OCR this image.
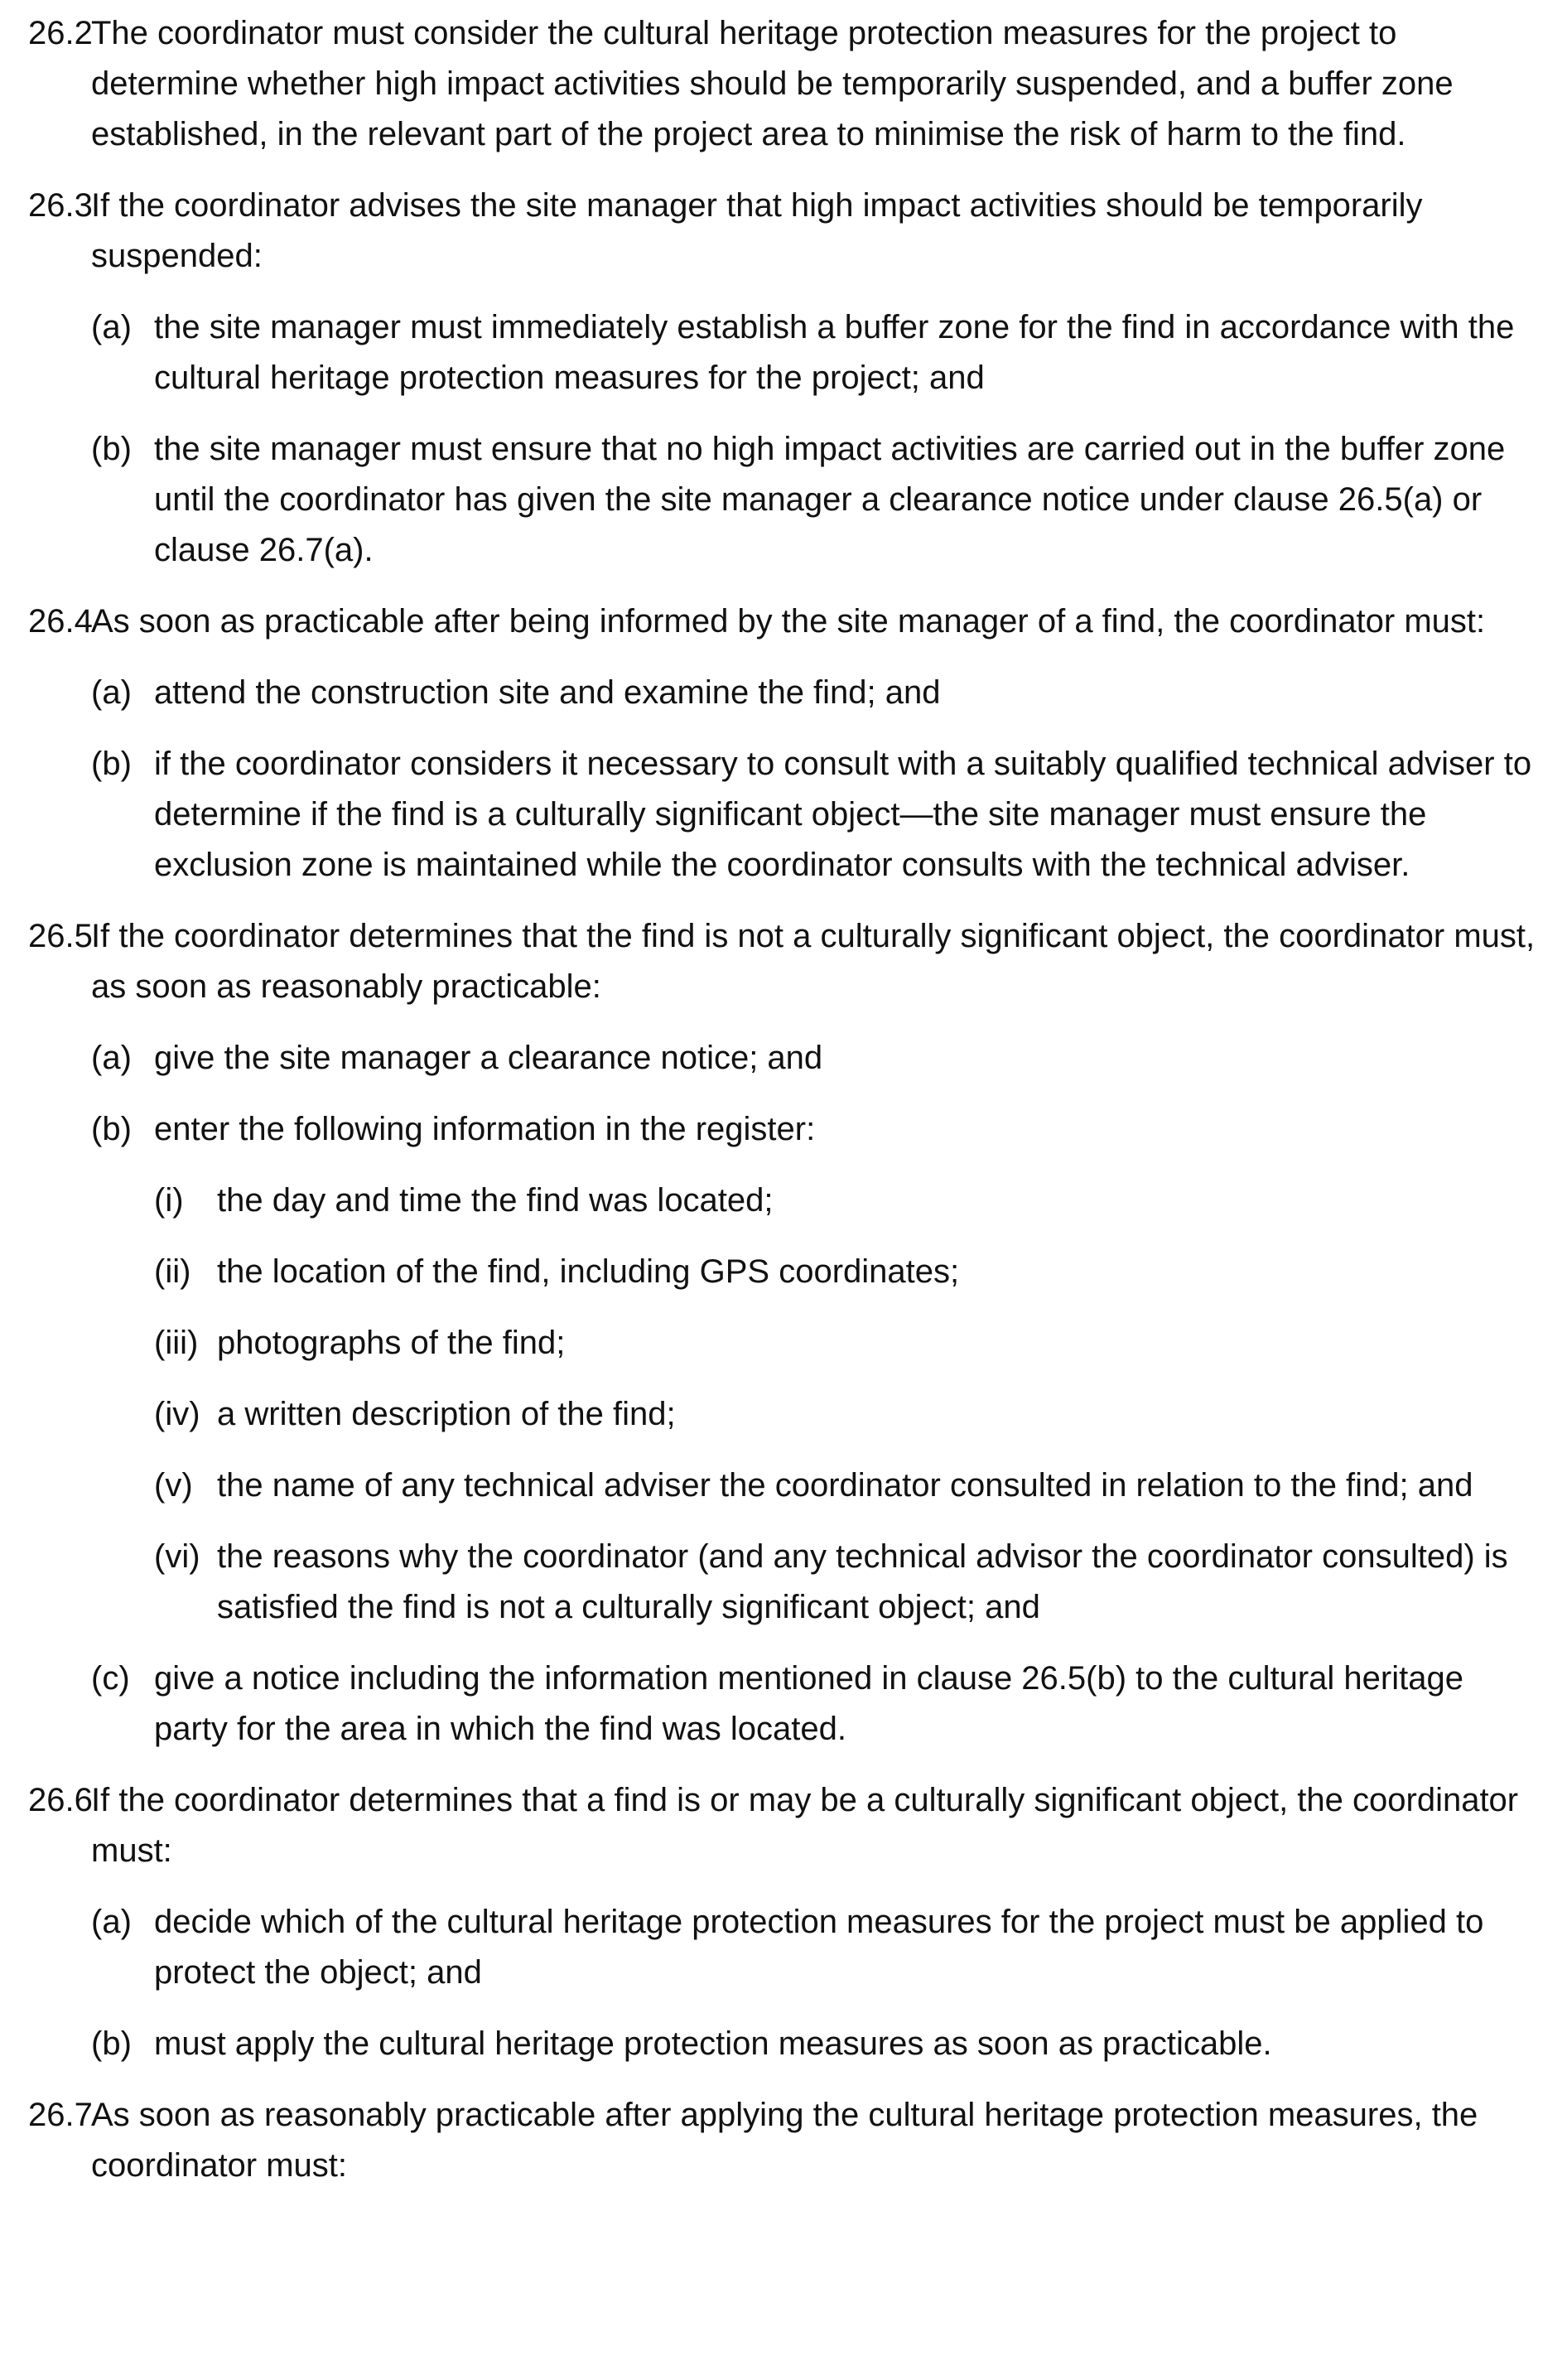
26.2
The coordinator must consider the cultural heritage protection measures for the project to determine whether high impact activities should be temporarily suspended, and a buffer zone established, in the relevant part of the project area to minimise the risk of harm to the find.
26.3
If the coordinator advises the site manager that high impact activities should be temporarily suspended:
(a) the site manager must immediately establish a buffer zone for the find in accordance with the cultural heritage protection measures for the project; and
(b) the site manager must ensure that no high impact activities are carried out in the buffer zone until the coordinator has given the site manager a clearance notice under clause 26.5(a) or clause 26.7(a).
26.4
As soon as practicable after being informed by the site manager of a find, the coordinator must:
(a) attend the construction site and examine the find; and
(b) if the coordinator considers it necessary to consult with a suitably qualified technical adviser to determine if the find is a culturally significant object—the site manager must ensure the exclusion zone is maintained while the coordinator consults with the technical adviser.
26.5
If the coordinator determines that the find is not a culturally significant object, the coordinator must, as soon as reasonably practicable:
(a) give the site manager a clearance notice; and
(b) enter the following information in the register:
(i) the day and time the find was located;
(ii) the location of the find, including GPS coordinates;
(iii) photographs of the find;
(iv) a written description of the find;
(v) the name of any technical adviser the coordinator consulted in relation to the find; and
(vi) the reasons why the coordinator (and any technical advisor the coordinator consulted) is satisfied the find is not a culturally significant object; and
(c) give a notice including the information mentioned in clause 26.5(b) to the cultural heritage party for the area in which the find was located.
26.6
If the coordinator determines that a find is or may be a culturally significant object, the coordinator must:
(a) decide which of the cultural heritage protection measures for the project must be applied to protect the object; and
(b) must apply the cultural heritage protection measures as soon as practicable.
26.7
As soon as reasonably practicable after applying the cultural heritage protection measures, the coordinator must:
